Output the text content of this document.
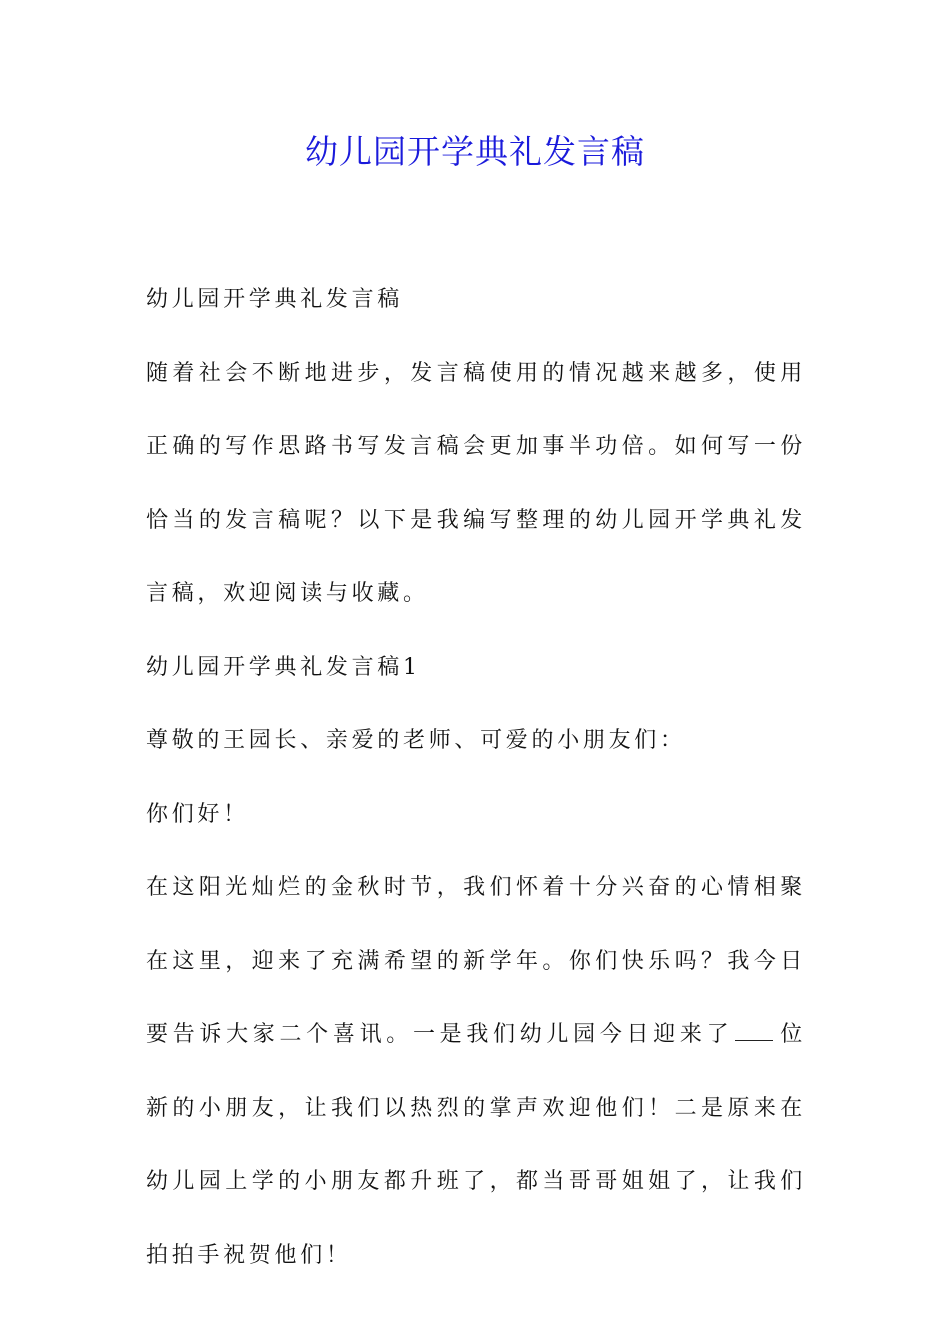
幼儿园开学典礼发言稿

幼儿园开学典礼发言稿

随着社会不断地进步，发言稿使用的情况越来越多，使用正确的写作思路书写发言稿会更加事半功倍。如何写一份恰当的发言稿呢？以下是我编写整理的幼儿园开学典礼发言稿，欢迎阅读与收藏。

幼儿园开学典礼发言稿1

尊敬的王园长、亲爱的老师、可爱的小朋友们：

你们好！

在这阳光灿烂的金秋时节，我们怀着十分兴奋的心情相聚在这里，迎来了充满希望的新学年。你们快乐吗？我今日要告诉大家二个喜讯。一是我们幼儿园今日迎来了 位新的小朋友，让我们以热烈的掌声欢迎他们！二是原来在幼儿园上学的小朋友都升班了，都当哥哥姐姐了，让我们拍拍手祝贺他们！
